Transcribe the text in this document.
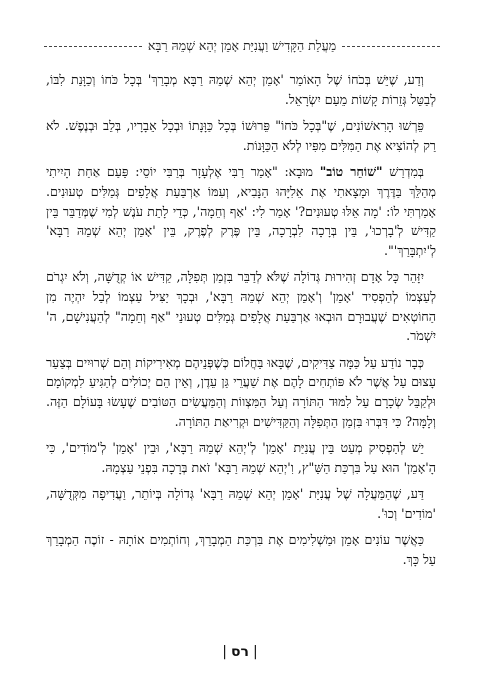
מַעֲלַת הַקָּדִישׁ וַעֲנִיַּת אָמֵן יְהֵא שְׁמֵהּ רַבָּא

וְדַע, שֶׁיֵּשׁ בְּכֹחוֹ שֶׁל הָאוֹמֵר 'אָמֵן יְהֵא שְׁמֵהּ רַבָּא מְבָרַךְ' בְּכָל כֹּחוֹ וְכַוָּנַת לִבּוֹ, לְבַטֵּל גְּזֵרוֹת קָשׁוֹת מֵעַם יִשְׂרָאֵל.

פֵּרְשׁוּ הָרִאשׁוֹנִים, שֶׁ"בְּכָל כֹּחוֹ" פֵּרוּשׁוֹ בְּכָל כַּוָּנָתוֹ וּבְכָל אֵבָרָיו, בְּלֵב וּבְנֶפֶשׁ. לֹא רַק לְהוֹצִיא אֶת הַמִּלִּים מִפִּיו לְלֹא הַכַּוָּנוֹת.

בְּמִדְרַשׁ "שׁוֹחֵר טוֹב" מוּבָא: "אָמַר רַבִּי אֶלְעָזָר בְּרַבִּי יוֹסֵי: פַּעַם אַחַת הָיִיתִי מְהַלֵּךְ בַּדֶּרֶךְ וּמָצָאתִי אֶת אֵלִיָּהוּ הַנָּבִיא, וְעִמּוֹ אַרְבַּעַת אֲלָפִים גְּמַלִּים טְעוּנִים. אָמַרְתִּי לוֹ: 'מָה אֵלּוּ טְעוּנִים?' אָמַר לִי: 'אַף וְחֵמָה', כְּדֵי לָתֵת עֹנֶשׁ לְמִי שֶׁמְּדַבֵּר בֵּין קַדִּישׁ לְ'בָרְכוּ', בֵּין בְּרָכָה לִבְרָכָה, בֵּין פֶּרֶק לְפֶרֶק, בֵּין 'אָמֵן יְהֵא שְׁמֵהּ רַבָּא' לְ'יִתְבָּרַךְ'".

יִזָּהֵר כָּל אָדָם זְהִירוּת גְּדוֹלָה שֶׁלֹּא לְדַבֵּר בִּזְמַן תְּפִלָּה, קַדִּישׁ אוֹ קְדֻשָּׁה, וְלֹא יִגְרֹם לְעַצְמוֹ לְהַפְסִיד 'אָמֵן' וְ'אָמֵן יְהֵא שְׁמֵהּ רַבָּא', וּבְכָךְ יַצִּיל עַצְמוֹ לְבַל יִהְיֶה מִן הַחוֹטְאִים שֶׁעֲבוּרָם הוּבְאוּ אַרְבַּעַת אֲלָפִים גְּמַלִּים טְעוּנֵי "אַף וְחֵמָה" לְהַעֲנִישָׁם, ה' יִשְׁמֹר.

כְּבָר נוֹדַע עַל כַּמָּה צַדִּיקִים, שֶׁבָּאוּ בַּחֲלוֹם כְּשֶׁפְּנֵיהֶם מְאִירִיקוֹת וְהֵם שְׁרוּיִים בְּצַעַר עָצוּם עַל אֲשֶׁר לֹא פּוֹתְחִים לָהֶם אֶת שַׁעֲרֵי גַּן עֵדֶן, וְאֵין הֵם יְכוֹלִים לְהַגִּיעַ לִמְקוֹמָם וּלְקַבֵּל שְׂכָרָם עַל לִמּוּד הַתּוֹרָה וְעַל הַמִּצְווֹת וְהַמַּעֲשִׂים הַטּוֹבִים שֶׁעָשׂוּ בָּעוֹלָם הַזֶּה. וְלָמָּה? כִּי דִּבְּרוּ בִּזְמַן הַתְּפִלָּה וְהַקַּדִּישִׁים וּקְרִיאַת הַתּוֹרָה.

יֵשׁ לְהַפְסִיק מְעַט בֵּין עֲנִיַּת 'אָמֵן' לְ'יְהֵא שְׁמֵהּ רַבָּא', וּבֵין 'אָמֵן' לְ'מוֹדִים', כִּי הָ'אָמֵן' הוּא עַל בִּרְכַּת הַשַּׁ"ץ, וִ'יְהֵא שְׁמֵהּ רַבָּא' זֹאת בְּרָכָה בִּפְנֵי עַצְמָהּ.

דַּע, שֶׁהַמַּעֲלָה שֶׁל עֲנִיַּת 'אָמֵן יְהֵא שְׁמֵהּ רַבָּא' גְּדוֹלָה בְּיוֹתֵר, וַעֲדִיפָה מִקְּדֻשָּׁה, 'מוֹדִים' וְכוּ'.

כַּאֲשֶׁר עוֹנִים אָמֵן וּמַשְׁלִימִים אֶת בִּרְכַּת הַמְבָרֵךְ, וְחוֹתְמִים אוֹתָהּ - זוֹכֶה הַמְבָרֵךְ עַל כָּךְ.

|רס|
